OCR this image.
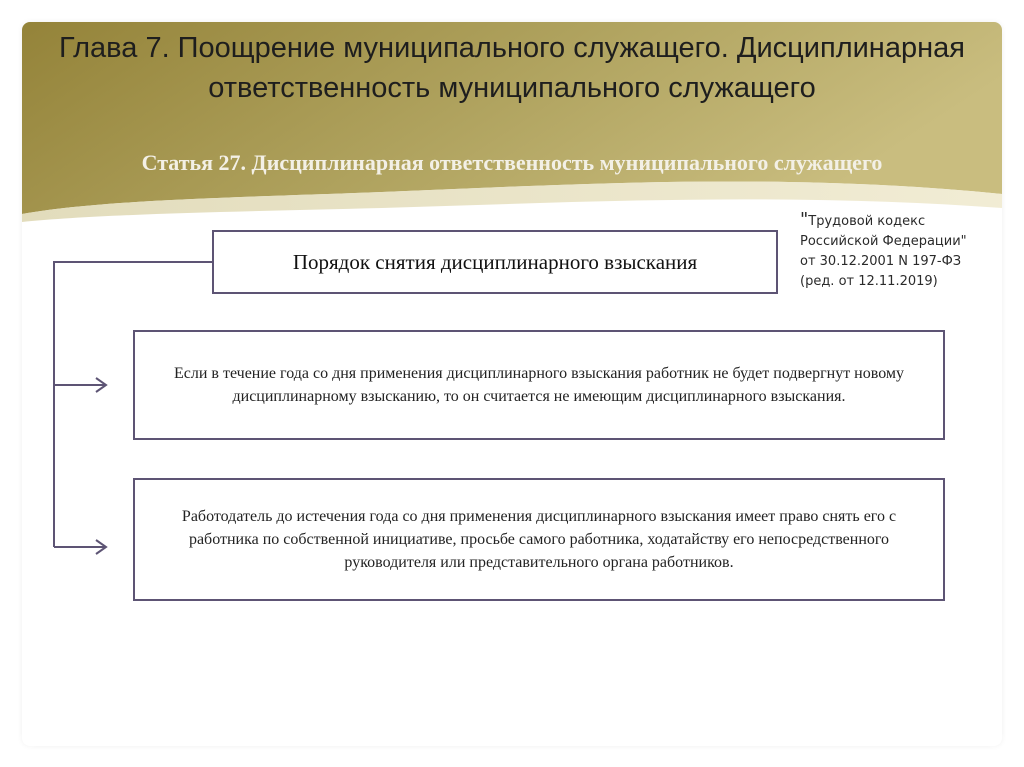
Глава 7. Поощрение муниципального служащего. Дисциплинарная ответственность муниципального служащего
Статья 27. Дисциплинарная ответственность муниципального служащего
"Трудовой кодекс Российской Федерации" от 30.12.2001 N 197-ФЗ (ред. от 12.11.2019)
Порядок снятия дисциплинарного взыскания
Если в течение года со дня применения дисциплинарного взыскания работник не будет подвергнут новому дисциплинарному взысканию, то он считается не имеющим дисциплинарного взыскания.
Работодатель до истечения года со дня применения дисциплинарного взыскания имеет право снять его с работника по собственной инициативе, просьбе самого работника, ходатайству его непосредственного руководителя или представительного органа работников.
